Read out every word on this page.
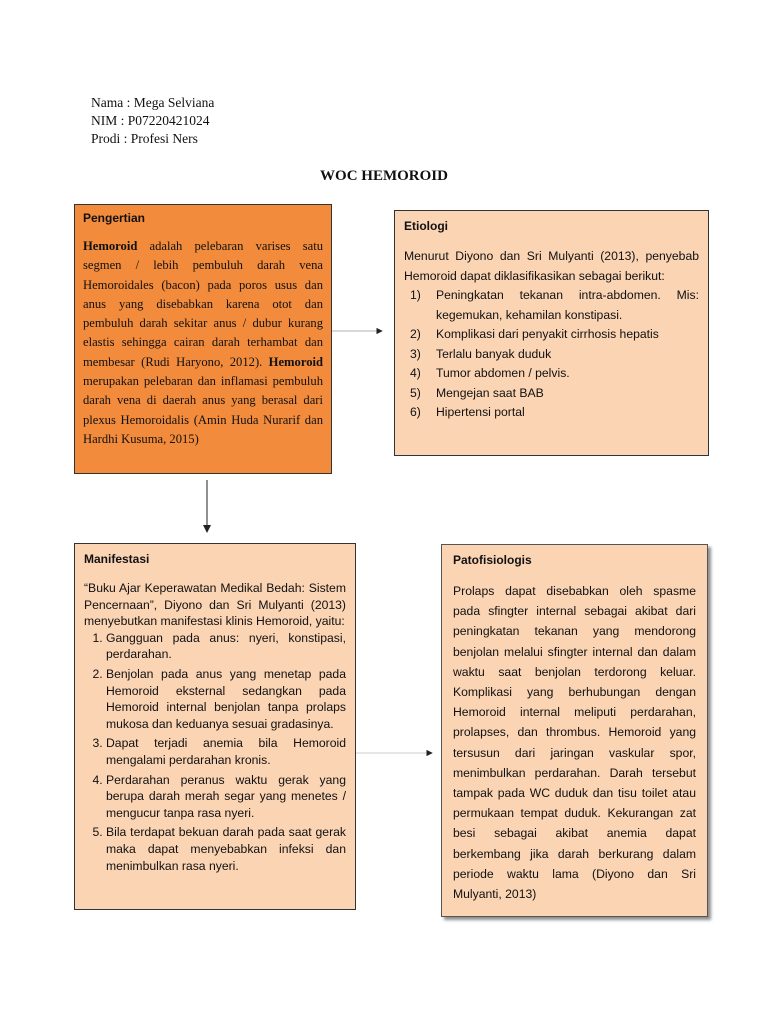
Nama : Mega Selviana
NIM : P07220421024
Prodi : Profesi Ners
WOC HEMOROID
Pengertian
Hemoroid adalah pelebaran varises satu segmen / lebih pembuluh darah vena Hemoroidales (bacon) pada poros usus dan anus yang disebabkan karena otot dan pembuluh darah sekitar anus / dubur kurang elastis sehingga cairan darah terhambat dan membesar (Rudi Haryono, 2012). Hemoroid merupakan pelebaran dan inflamasi pembuluh darah vena di daerah anus yang berasal dari plexus Hemoroidalis (Amin Huda Nurarif dan Hardhi Kusuma, 2015)
Etiologi
Menurut Diyono dan Sri Mulyanti (2013), penyebab Hemoroid dapat diklasifikasikan sebagai berikut:
1)	Peningkatan tekanan intra-abdomen. Mis: kegemukan, kehamilan konstipasi.
2)	Komplikasi dari penyakit cirrhosis hepatis
3)	Terlalu banyak duduk
4)	Tumor abdomen / pelvis.
5)	Mengejan saat BAB
6)	Hipertensi portal
Manifestasi
“Buku Ajar Keperawatan Medikal Bedah: Sistem Pencernaan”, Diyono dan Sri Mulyanti (2013) menyebutkan manifestasi klinis Hemoroid, yaitu:
1. Gangguan pada anus: nyeri, konstipasi, perdarahan.
2. Benjolan pada anus yang menetap pada Hemoroid eksternal sedangkan pada Hemoroid internal benjolan tanpa prolaps mukosa dan keduanya sesuai gradasinya.
3. Dapat terjadi anemia bila Hemoroid mengalami perdarahan kronis.
4. Perdarahan peranus waktu gerak yang berupa darah merah segar yang menetes / mengucur tanpa rasa nyeri.
5. Bila terdapat bekuan darah pada saat gerak maka dapat menyebabkan infeksi dan menimbulkan rasa nyeri.
Patofisiologis
Prolaps dapat disebabkan oleh spasme pada sfingter internal sebagai akibat dari peningkatan tekanan yang mendorong benjolan melalui sfingter internal dan dalam waktu saat benjolan terdorong keluar. Komplikasi yang berhubungan dengan Hemoroid internal meliputi perdarahan, prolapses, dan thrombus. Hemoroid yang tersusun dari jaringan vaskular spor, menimbulkan perdarahan. Darah tersebut tampak pada WC duduk dan tisu toilet atau permukaan tempat duduk. Kekurangan zat besi sebagai akibat anemia dapat berkembang jika darah berkurang dalam periode waktu lama (Diyono dan Sri Mulyanti, 2013)
